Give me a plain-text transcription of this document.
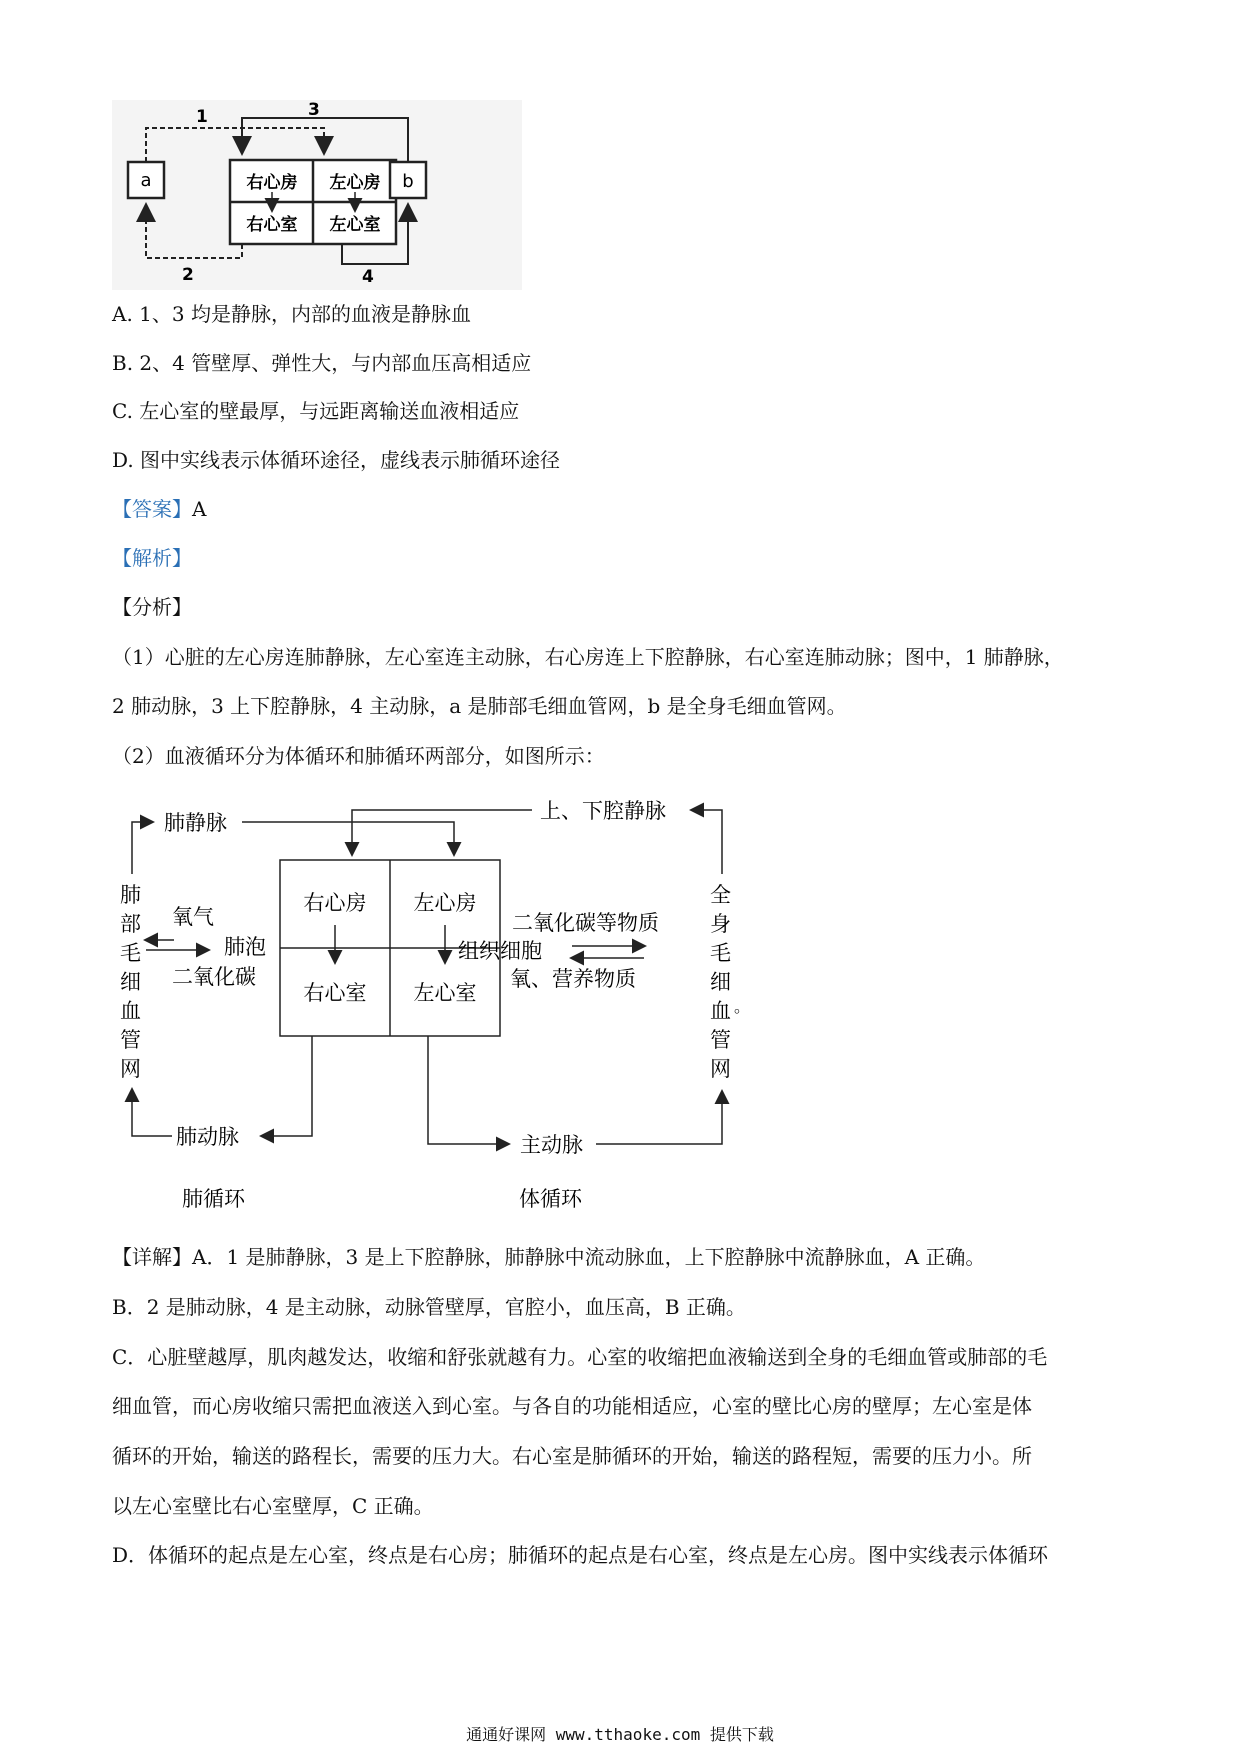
右心房 左心房
右心室 左心室
a	b
1	3
2	4
A. 1、3 均是静脉，内部的血液是静脉血
B. 2、4 管壁厚、弹性大，与内部血压高相适应
C. 左心室的壁最厚，与远距离输送血液相适应
D. 图中实线表示体循环途径，虚线表示肺循环途径
【答案】A
【解析】
【分析】
（1）心脏的左心房连肺静脉，左心室连主动脉，右心房连上下腔静脉，右心室连肺动脉；图中，1 肺静脉，
2 肺动脉，3 上下腔静脉，4 主动脉，a 是肺部毛细血管网，b 是全身毛细血管网。
（2）血液循环分为体循环和肺循环两部分，如图所示：
右心房 左心房
右心室 左心室
肺静脉	上、下腔静脉
肺
部
毛
细
血
管
网
全
身
毛
细
血
管
网
。
氧气
肺泡
二氧化碳
二氧化碳等物质
组织细胞
氧、营养物质
肺动脉	主动脉
肺循环	体循环
【详解】A．1 是肺静脉，3 是上下腔静脉，肺静脉中流动脉血，上下腔静脉中流静脉血，A 正确。
B．2 是肺动脉，4 是主动脉，动脉管壁厚，官腔小，血压高，B 正确。
C．心脏壁越厚，肌肉越发达，收缩和舒张就越有力。心室的收缩把血液输送到全身的毛细血管或肺部的毛
细血管，而心房收缩只需把血液送入到心室。与各自的功能相适应，心室的壁比心房的壁厚；左心室是体
循环的开始，输送的路程长，需要的压力大。右心室是肺循环的开始，输送的路程短，需要的压力小。所
以左心室壁比右心室壁厚，C 正确。
D．体循环的起点是左心室，终点是右心房；肺循环的起点是右心室，终点是左心房。图中实线表示体循环
通通好课网 www.tthaoke.com 提供下载
